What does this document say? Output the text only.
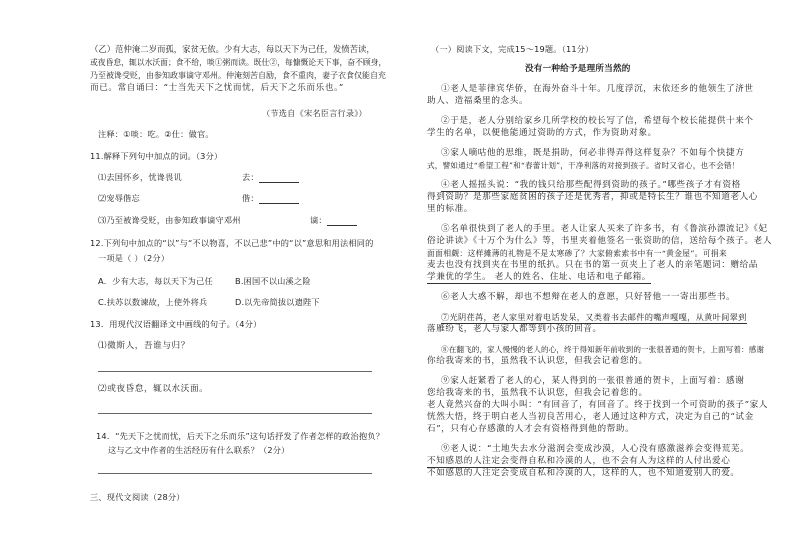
（乙）范仲淹二岁而孤，家贫无依。少有大志，每以天下为己任，发愤苦读，
或夜昏怠，辄以水沃面；食不给，啖①粥而读。既仕②，每慷慨论天下事，奋不顾身，
乃至被谗受贬，由参知政事谪守邓州。仲淹刻苦自励，食不重肉，妻子衣食仅能自充
而已。常自诵曰：“士当先天下之忧而忧，后天下之乐而乐也。”
（节选自《宋名臣言行录》）
注释：①啖：吃。②仕：做官。
11.解释下列句中加点的词。（3分）
⑴去国怀乡，忧谗畏讥	去：
⑵宠辱偕忘	偕：
⑶乃至被谗受贬，由参知政事谪守邓州	谪：
12.下列句中加点的“以”与“不以物喜，不以己悲”中的“以”意思和用法相同的
一项是（ ）（2分）
A．少有大志，每以天下为己任	B.困国不以山溪之险
C.扶苏以数谏故，上使外将兵	D.以先帝简拔以遗陛下
13．用现代汉语翻译文中画线的句子。（4分）
⑴微斯人，吾谁与归？
⑵或夜昏怠，辄以水沃面。
14．“先天下之忧而忧，后天下之乐而乐”这句话抒发了作者怎样的政治抱负？
这与乙文中作者的生活经历有什么联系？（2分）
三、现代文阅读（28分）
（一）阅读下文，完成15～19题。（11分）
没有一种给予是理所当然的
①老人是菲律宾华侨，在海外奋斗十年。几度浮沉，末依还乡的他领生了济世
助人、造福桑里的念头。
②于是，老人分别给家乡几所学校的校长写了信，希望每个校长能提供十来个
学生的名单，以便他能通过资助的方式，作为资助对象。
③家人嘀咕他的思维，既是捐助，何必非得弄得这样复杂？不如每个快捷方
式，譬如通过“希望工程”和“春蕾计划”，干净利落的对接到孩子。省时又省心，也不会错！
④老人摇摇头说：“我的钱只给那些配得到资助的孩子。”哪些孩子才有资格
得到资助？是那些家庭贫困的孩子还是优秀者，抑或是特长生？谁也不知道老人心
里的标准。
⑤名单很快到了老人的手里。老人让家人买来了许多书，有《鲁滨孙漂流记》《妃
俗论讲读》《十万个为什么》等，书里夹着他签名一张资助的信，送给每个孩子。老人
面面相觑：这样摊薄的礼物是不是太寒碜了？大家俯索索书中有一“黄金屋”。可捐来
麦去也没有找到夹在书里的纸扒。只在书的第一页夹上了老人的亲笔题词：赠给品
学兼优的学生。 老人的姓名、住址、电话和电子邮箱。
⑥老人大惑不解，却也不想辩在老人的意愿，只好替他一一寄出那些书。
⑦光阴荏苒，老人家里对着电话发呆，又类着书去邮件的嘴声嘎嘎，从黄叶间翠到
落雁纷飞，老人与家人都等到小孩的回音。
⑧在翻飞的，家人慢慢的老人的心，终于得知新年前收到的一张很普通的贺卡，上面写着：感谢
你给我寄来的书，虽然我不认识您，但我会记着您的。
⑨家人赶紧看了老人的心，某人得到的一张很普通的贺卡，上面写着：感谢
您给我寄来的书，虽然我不认识您，但我会记着您的。
老人竟然兴奋的大叫小叫：“有回音了，有回音了。终于找到一个可资助的孩子”家人
恍然大悟，终于明白老人当初良苦用心，老人通过这种方式，决定为自己的“试金
石”，只有心存感激的人才会有资格得到他的帮助。
⑨老人说：“土地失去水分滋润会变成沙漠，人心没有感激滋养会变得荒芜。
不知感恩的人注定会变得自私和冷漠的人，也不会有人为这样的人付出爱心
不如感恩的人注定会变成自私和冷漠的人，这样的人，也不知道爱别人的爱。
